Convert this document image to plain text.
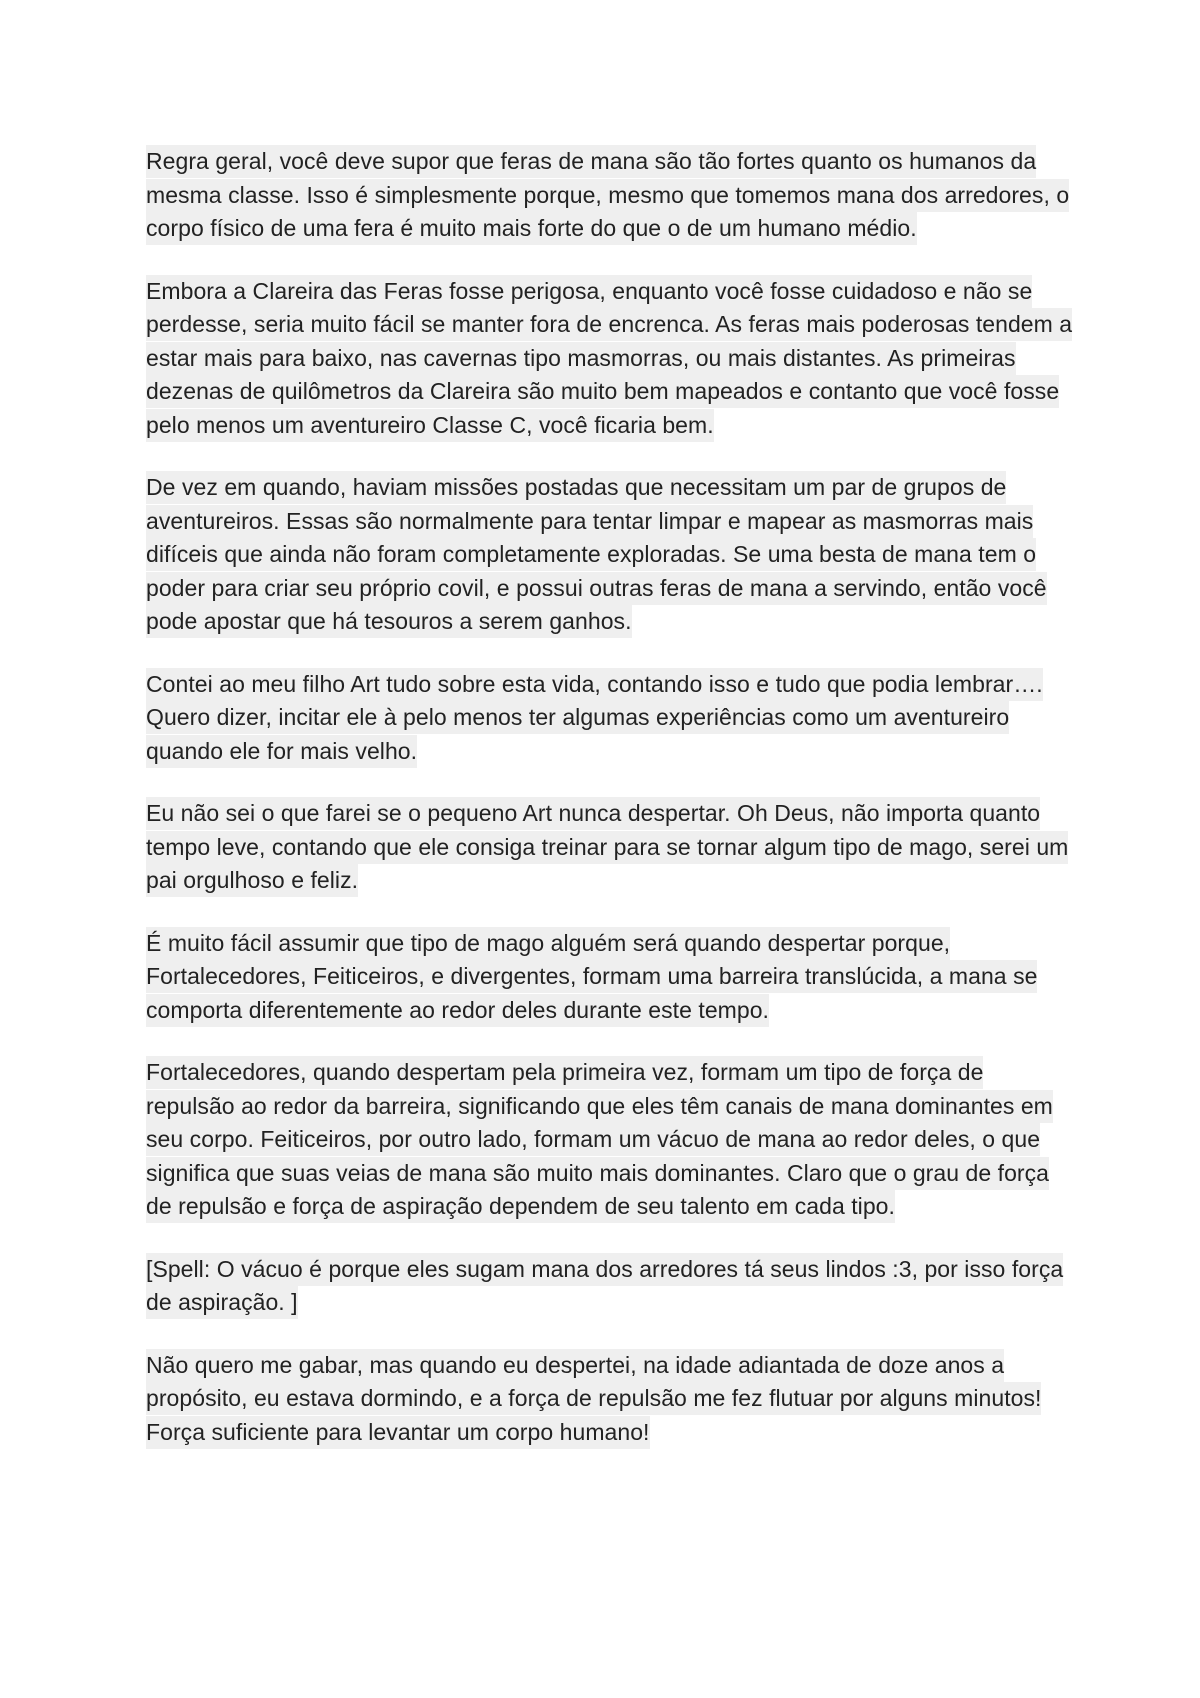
Regra geral, você deve supor que feras de mana são tão fortes quanto os humanos da mesma classe. Isso é simplesmente porque, mesmo que tomemos mana dos arredores, o corpo físico de uma fera é muito mais forte do que o de um humano médio.

Embora a Clareira das Feras fosse perigosa, enquanto você fosse cuidadoso e não se perdesse, seria muito fácil se manter fora de encrenca. As feras mais poderosas tendem a estar mais para baixo, nas cavernas tipo masmorras, ou mais distantes. As primeiras dezenas de quilômetros da Clareira são muito bem mapeados e contanto que você fosse pelo menos um aventureiro Classe C, você ficaria bem.

De vez em quando, haviam missões postadas que necessitam um par de grupos de aventureiros. Essas são normalmente para tentar limpar e mapear as masmorras mais difíceis que ainda não foram completamente exploradas. Se uma besta de mana tem o poder para criar seu próprio covil, e possui outras feras de mana a servindo, então você pode apostar que há tesouros a serem ganhos.

Contei ao meu filho Art tudo sobre esta vida, contando isso e tudo que podia lembrar…. Quero dizer, incitar ele à pelo menos ter algumas experiências como um aventureiro quando ele for mais velho.

Eu não sei o que farei se o pequeno Art nunca despertar. Oh Deus, não importa quanto tempo leve, contando que ele consiga treinar para se tornar algum tipo de mago, serei um pai orgulhoso e feliz.

É muito fácil assumir que tipo de mago alguém será quando despertar porque, Fortalecedores, Feiticeiros, e divergentes, formam uma barreira translúcida, a mana se comporta diferentemente ao redor deles durante este tempo.

Fortalecedores, quando despertam pela primeira vez, formam um tipo de força de repulsão ao redor da barreira, significando que eles têm canais de mana dominantes em seu corpo. Feiticeiros, por outro lado, formam um vácuo de mana ao redor deles, o que significa que suas veias de mana são muito mais dominantes. Claro que o grau de força de repulsão e força de aspiração dependem de seu talento em cada tipo.

[Spell: O vácuo é porque eles sugam mana dos arredores tá seus lindos :3, por isso força de aspiração. ]

Não quero me gabar, mas quando eu despertei, na idade adiantada de doze anos a propósito, eu estava dormindo, e a força de repulsão me fez flutuar por alguns minutos! Força suficiente para levantar um corpo humano!
